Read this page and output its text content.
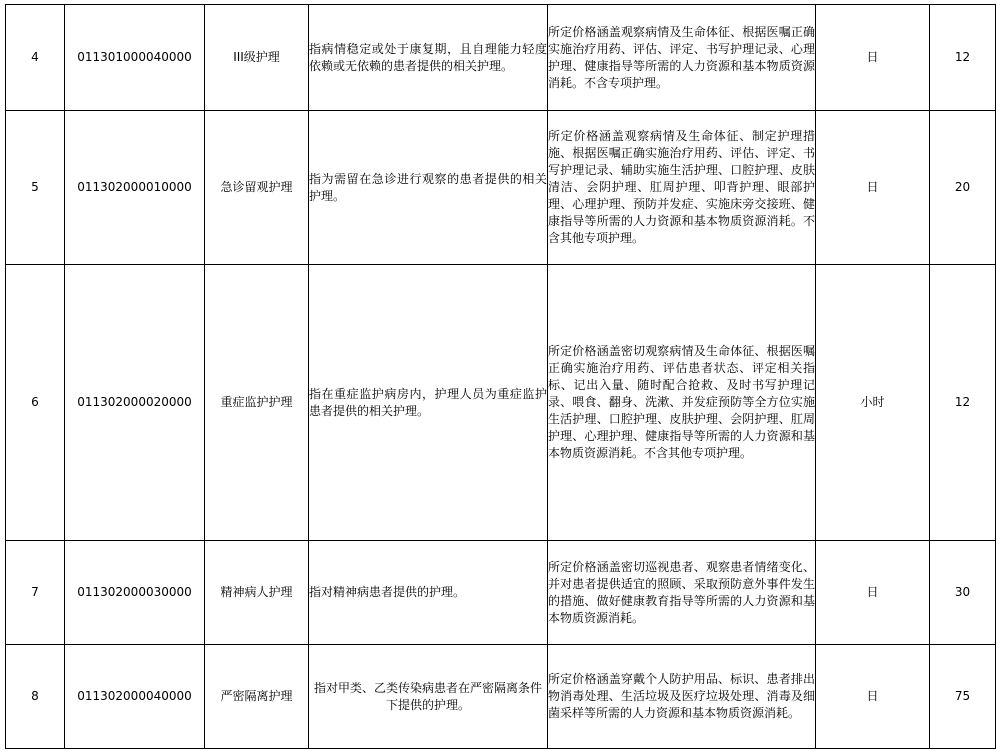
4	011301000040000	III级护理	指病情稳定或处于康复期，且自理能力轻度依赖或无依赖的患者提供的相关护理。	所定价格涵盖观察病情及生命体征、根据医嘱正确实施治疗用药、评估、评定、书写护理记录、心理护理、健康指导等所需的人力资源和基本物质资源消耗。不含专项护理。	日	12
5	011302000010000	急诊留观护理	指为需留在急诊进行观察的患者提供的相关护理。	所定价格涵盖观察病情及生命体征、制定护理措施、根据医嘱正确实施治疗用药、评估、评定、书写护理记录、辅助实施生活护理、口腔护理、皮肤清洁、会阴护理、肛周护理、叩背护理、眼部护理、心理护理、预防并发症、实施床旁交接班、健康指导等所需的人力资源和基本物质资源消耗。不含其他专项护理。	日	20
6	011302000020000	重症监护护理	指在重症监护病房内，护理人员为重症监护患者提供的相关护理。	所定价格涵盖密切观察病情及生命体征、根据医嘱正确实施治疗用药、评估患者状态、评定相关指标、记出入量、随时配合抢救、及时书写护理记录、喂食、翻身、洗漱、并发症预防等全方位实施生活护理、口腔护理、皮肤护理、会阴护理、肛周护理、心理护理、健康指导等所需的人力资源和基本物质资源消耗。不含其他专项护理。	小时	12
7	011302000030000	精神病人护理	指对精神病患者提供的护理。	所定价格涵盖密切巡视患者、观察患者情绪变化、并对患者提供适宜的照顾、采取预防意外事件发生的措施、做好健康教育指导等所需的人力资源和基本物质资源消耗。	日	30
8	011302000040000	严密隔离护理	指对甲类、乙类传染病患者在严密隔离条件下提供的护理。	所定价格涵盖穿戴个人防护用品、标识、患者排出物消毒处理、生活垃圾及医疗垃圾处理、消毒及细菌采样等所需的人力资源和基本物质资源消耗。	日	75
